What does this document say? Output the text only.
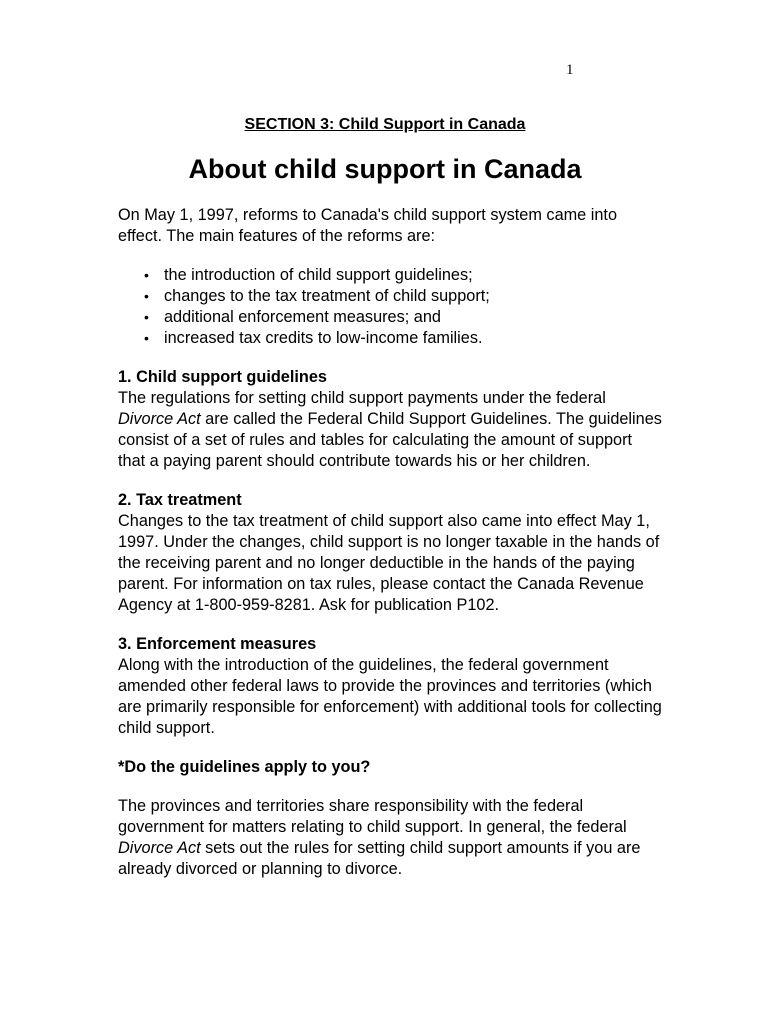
1
SECTION 3: Child Support in Canada
About child support in Canada

On May 1, 1997, reforms to Canada's child support system came into effect. The main features of the reforms are:

• the introduction of child support guidelines;
• changes to the tax treatment of child support;
• additional enforcement measures; and
• increased tax credits to low-income families.
1. Child support guidelines

The regulations for setting child support payments under the federal Divorce Act are called the Federal Child Support Guidelines. The guidelines consist of a set of rules and tables for calculating the amount of support that a paying parent should contribute towards his or her children.

2. Tax treatment

Changes to the tax treatment of child support also came into effect May 1, 1997. Under the changes, child support is no longer taxable in the hands of the receiving parent and no longer deductible in the hands of the paying parent. For information on tax rules, please contact the Canada Revenue Agency at 1-800-959-8281. Ask for publication P102.

3. Enforcement measures

Along with the introduction of the guidelines, the federal government amended other federal laws to provide the provinces and territories (which are primarily responsible for enforcement) with additional tools for collecting child support.

*Do the guidelines apply to you?

The provinces and territories share responsibility with the federal government for matters relating to child support. In general, the federal Divorce Act sets out the rules for setting child support amounts if you are already divorced or planning to divorce.
